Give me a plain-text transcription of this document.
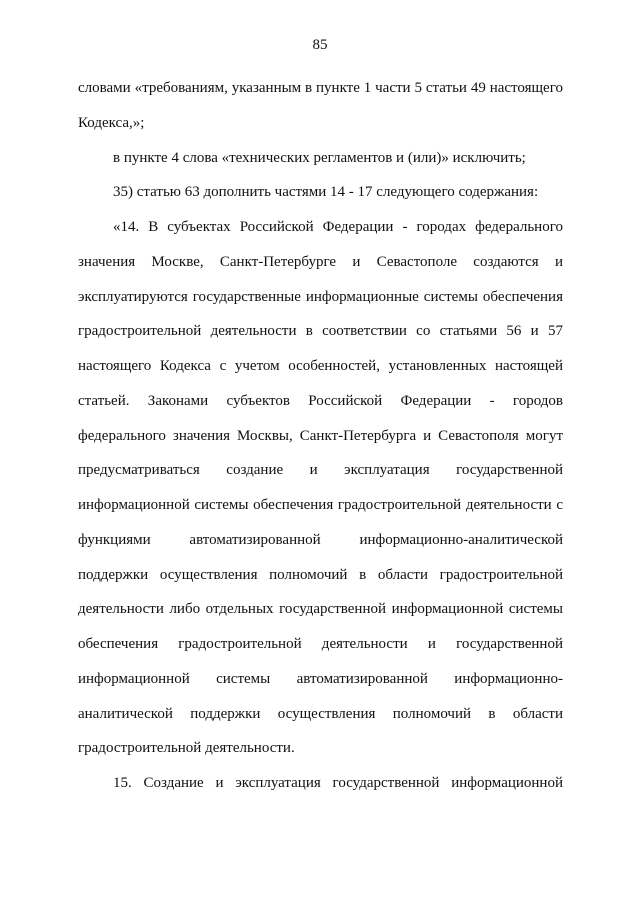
85
словами «требованиям, указанным в пункте 1 части 5 статьи 49 настоящего
Кодекса,»;
в пункте 4 слова «технических регламентов и (или)» исключить;
35) статью 63 дополнить частями 14 - 17 следующего содержания:
«14. В субъектах Российской Федерации - городах федерального
значения Москве, Санкт-Петербурге и Севастополе создаются и
эксплуатируются государственные информационные системы обеспечения
градостроительной деятельности в соответствии со статьями 56 и 57
настоящего Кодекса с учетом особенностей, установленных настоящей
статьей. Законами субъектов Российской Федерации - городов
федерального значения Москвы, Санкт-Петербурга и Севастополя могут
предусматриваться создание и эксплуатация государственной
информационной системы обеспечения градостроительной деятельности с
функциями автоматизированной информационно-аналитической
поддержки осуществления полномочий в области градостроительной
деятельности либо отдельных государственной информационной системы
обеспечения градостроительной деятельности и государственной
информационной системы автоматизированной информационно-
аналитической поддержки осуществления полномочий в области
градостроительной деятельности.
15. Создание и эксплуатация государственной информационной
